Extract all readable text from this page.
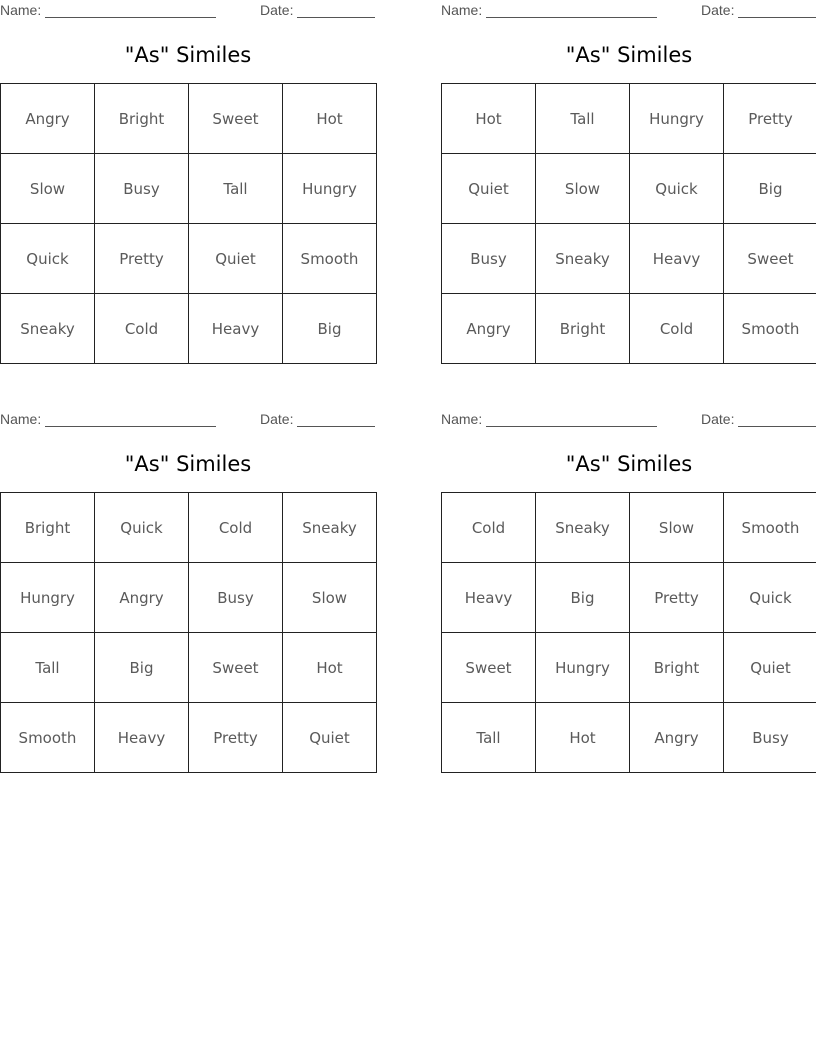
Name:	Date:
"As" Similes
Angry	Bright	Sweet	Hot
Slow	Busy	Tall	Hungry
Quick	Pretty	Quiet	Smooth
Sneaky	Cold	Heavy	Big
Name:	Date:
"As" Similes
Hot	Tall	Hungry	Pretty
Quiet	Slow	Quick	Big
Busy	Sneaky	Heavy	Sweet
Angry	Bright	Cold	Smooth
Name:	Date:
"As" Similes
Bright	Quick	Cold	Sneaky
Hungry	Angry	Busy	Slow
Tall	Big	Sweet	Hot
Smooth	Heavy	Pretty	Quiet
Name:	Date:
"As" Similes
Cold	Sneaky	Slow	Smooth
Heavy	Big	Pretty	Quick
Sweet	Hungry	Bright	Quiet
Tall	Hot	Angry	Busy
